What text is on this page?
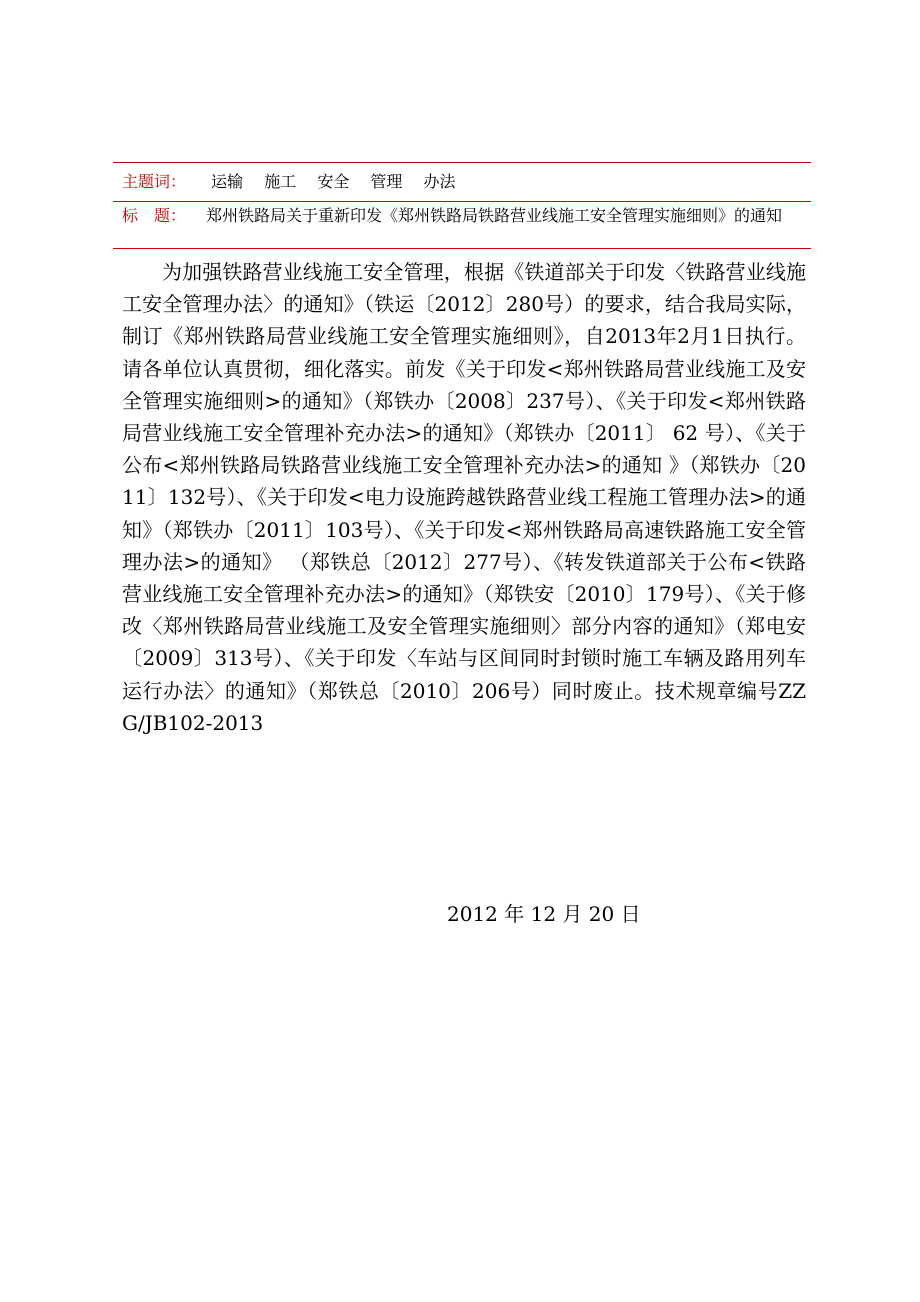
主题词： 运输 施工 安全 管理 办法
标　题： 郑州铁路局关于重新印发《郑州铁路局铁路营业线施工安全管理实施细则》的通知

为加强铁路营业线施工安全管理，根据《铁道部关于印发〈铁路营业线施工安全管理办法〉的通知》（铁运〔2012〕280号）的要求，结合我局实际，制订《郑州铁路局营业线施工安全管理实施细则》，自2013年2月1日执行。请各单位认真贯彻，细化落实。前发《关于印发<郑州铁路局营业线施工及安全管理实施细则>的通知》（郑铁办〔2008〕237号）、《关于印发<郑州铁路局营业线施工安全管理补充办法>的通知》（郑铁办〔2011〕 62 号）、《关于公布<郑州铁路局铁路营业线施工安全管理补充办法>的通知 》（郑铁办〔2011〕132号）、《关于印发<电力设施跨越铁路营业线工程施工管理办法>的通知》（郑铁办〔2011〕103号）、《关于印发<郑州铁路局高速铁路施工安全管理办法>的通知》 （郑铁总〔2012〕277号）、《转发铁道部关于公布<铁路营业线施工安全管理补充办法>的通知》（郑铁安〔2010〕179号）、《关于修改〈郑州铁路局营业线施工及安全管理实施细则〉部分内容的通知》（郑电安〔2009〕313号）、《关于印发〈车站与区间同时封锁时施工车辆及路用列车运行办法〉的通知》（郑铁总〔2010〕206号）同时废止。技术规章编号ZZG/JB102-2013

2012 年 12 月 20 日
